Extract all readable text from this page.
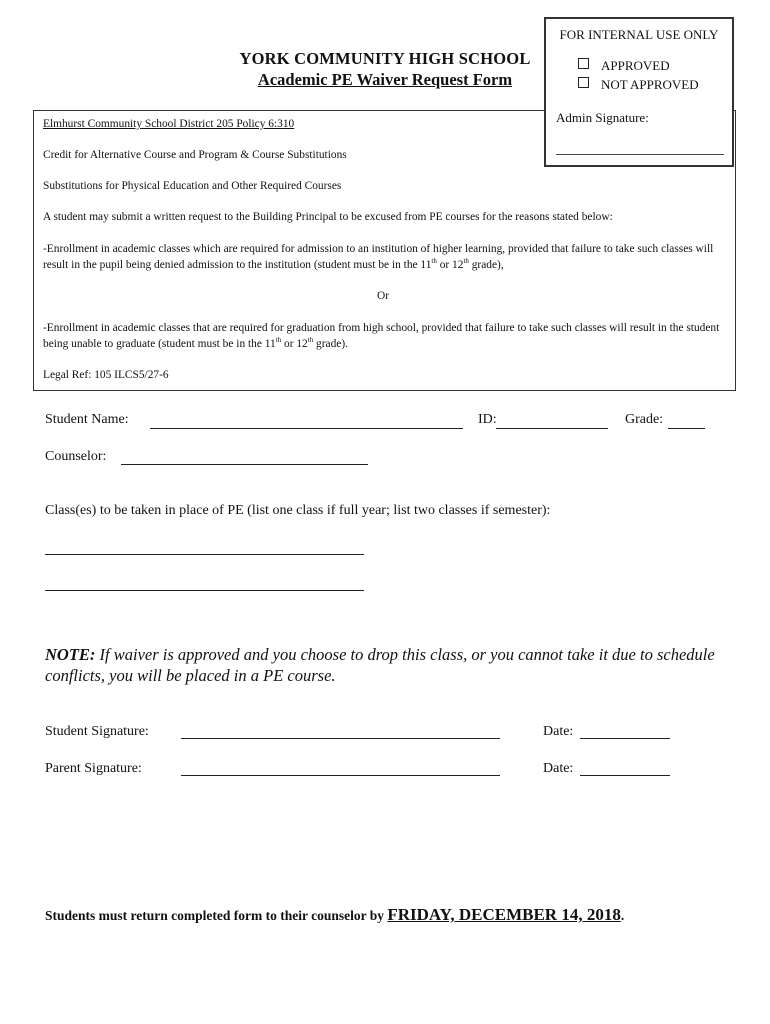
YORK COMMUNITY HIGH SCHOOL
Academic PE Waiver Request Form
FOR INTERNAL USE ONLY
APPROVED
NOT APPROVED
Admin Signature:
Elmhurst Community School District 205 Policy 6:310
Credit for Alternative Course and Program & Course Substitutions
Substitutions for Physical Education and Other Required Courses
A student may submit a written request to the Building Principal to be excused from PE courses for the reasons stated below:
-Enrollment in academic classes which are required for admission to an institution of higher learning, provided that failure to take such classes will result in the pupil being denied admission to the institution (student must be in the 11th or 12th grade),
Or
-Enrollment in academic classes that are required for graduation from high school, provided that failure to take such classes will result in the student being unable to graduate (student must be in the 11th or 12th grade).
Legal Ref: 105 ILCS5/27-6
Student Name:	ID:	Grade:
Counselor:
Class(es) to be taken in place of PE (list one class if full year; list two classes if semester):
NOTE: If waiver is approved and you choose to drop this class, or you cannot take it due to schedule conflicts, you will be placed in a PE course.
Student Signature:	Date:
Parent Signature:	Date:
Students must return completed form to their counselor by FRIDAY, DECEMBER 14, 2018.
